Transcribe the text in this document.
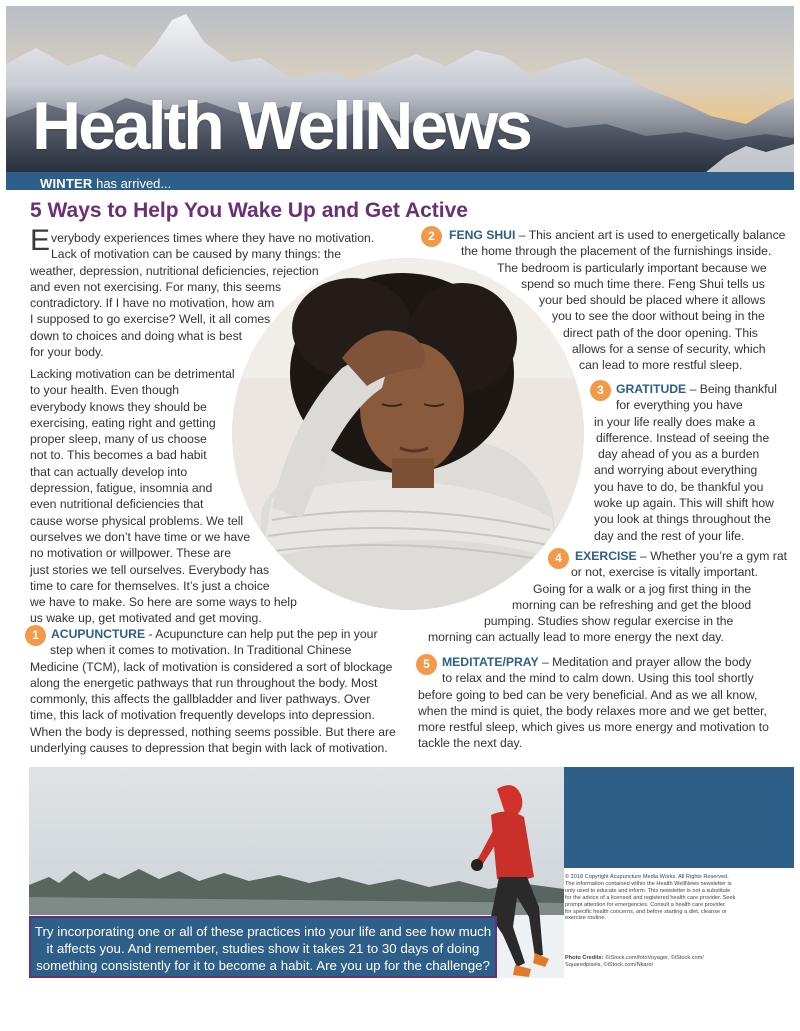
Health WellNews
WINTER has arrived...
5 Ways to Help You Wake Up and Get Active
E verybody experiences times where they have no motivation.
Lack of motivation can be caused by many things: the
weather, depression, nutritional deficiencies, rejection
and even not exercising. For many, this seems
contradictory. If I have no motivation, how am
I supposed to go exercise? Well, it all comes
down to choices and doing what is best
for your body.
Lacking motivation can be detrimental
to your health. Even though
everybody knows they should be
exercising, eating right and getting
proper sleep, many of us choose
not to. This becomes a bad habit
that can actually develop into
depression, fatigue, insomnia and
even nutritional deficiencies that
cause worse physical problems. We tell
ourselves we don’t have time or we have
no motivation or willpower. These are
just stories we tell ourselves. Everybody has
time to care for themselves. It’s just a choice
we have to make. So here are some ways to help
us wake up, get motivated and get moving.
1 ACUPUNCTURE - Acupuncture can help put the pep in your
step when it comes to motivation. In Traditional Chinese
Medicine (TCM), lack of motivation is considered a sort of blockage
along the energetic pathways that run throughout the body. Most
commonly, this affects the gallbladder and liver pathways. Over
time, this lack of motivation frequently develops into depression.
When the body is depressed, nothing seems possible. But there are
underlying causes to depression that begin with lack of motivation.
2	FENG SHUI – This ancient art is used to energetically balance
the home through the placement of the furnishings inside.
The bedroom is particularly important because we
spend so much time there. Feng Shui tells us
your bed should be placed where it allows
you to see the door without being in the
direct path of the door opening. This
allows for a sense of security, which
can lead to more restful sleep.
3 GRATITUDE – Being thankful
for everything you have
in your life really does make a
difference. Instead of seeing the
day ahead of you as a burden
and worrying about everything
you have to do, be thankful you
woke up again. This will shift how
you look at things throughout the
day and the rest of your life.
4	EXERCISE – Whether you’re a gym rat
or not, exercise is vitally important.
Going for a walk or a jog first thing in the
morning can be refreshing and get the blood
pumping. Studies show regular exercise in the
morning can actually lead to more energy the next day.
5 MEDITATE/PRAY – Meditation and prayer allow the body
to relax and the mind to calm down. Using this tool shortly
before going to bed can be very beneficial. And as we all know,
when the mind is quiet, the body relaxes more and we get better,
more restful sleep, which gives us more energy and motivation to
tackle the next day.
Try incorporating one or all of these practices into your life and see how much
it affects you. And remember, studies show it takes 21 to 30 days of doing
something consistently for it to become a habit. Are you up for the challenge?
© 2018 Copyright Acupuncture Media Works. All Rights Reserved.
The information contained within the Health WellNews newsletter is
only used to educate and inform. This newsletter is not a substitute
for the advice of a licensed and registered health care provider. Seek
prompt attention for emergencies. Consult a health care provider
for specific health concerns, and before starting a diet, cleanse or
exercise routine.
Photo Credits: ©iStock.com/fotoVoyager, ©iStock.com/
Squaredpixels, ©iStock.com/Nkarol
